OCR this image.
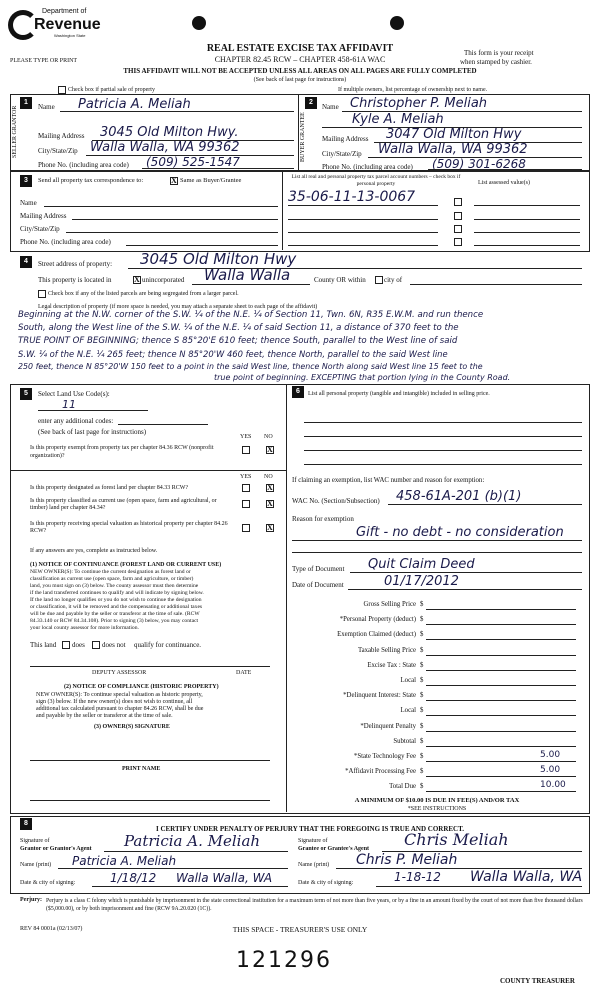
Department of
Revenue
Washington State
PLEASE TYPE OR PRINT
REAL ESTATE EXCISE TAX AFFIDAVIT
CHAPTER 82.45 RCW – CHAPTER 458-61A WAC
This form is your receipt
when stamped by cashier.
THIS AFFIDAVIT WILL NOT BE ACCEPTED UNLESS ALL AREAS ON ALL PAGES ARE FULLY COMPLETED
(See back of last page for instructions)
Check box if partial sale of property	If multiple owners, list percentage of ownership next to name.
1
SELLER GRANTOR	Name Patricia A. Meliah
Mailing Address 3045 Old Milton Hwy.
City/State/Zip Walla Walla, WA 99362
Phone No. (including area code) (509) 525-1547
2
BUYER GRANTEE
Name Christopher P. Meliah
Kyle A. Meliah
Mailing Address 3047 Old Milton Hwy
City/State/Zip Walla Walla, WA 99362
Phone No. (including area code) (509) 301-6268
3	Send all property tax correspondence to: X	Same as Buyer/Grantee
Name
Mailing Address
City/State/Zip
Phone No. (including area code)
List all real and personal property tax parcel account numbers – check box if personal property	List assessed value(s)
35-06-11-13-0067
4	Street address of property: 3045 Old Milton Hwy
This property is located in X	unincorporated Walla Walla	County OR within	city of
Check box if any of the listed parcels are being segregated from a larger parcel.
Legal description of property (if more space is needed, you may attach a separate sheet to each page of the affidavit)
Beginning at the N.W. corner of the S.W. ¼ of the N.E. ¼ of Section 11, Twn. 6N, R35 E.W.M. and run thence
South, along the West line of the S.W. ¼ of the N.E. ¼ of said Section 11, a distance of 370 feet to the
TRUE POINT OF BEGINNING; thence S 85°20'E 610 feet; thence South, parallel to the West line of said
S.W. ¼ of the N.E. ¼ 265 feet; thence N 85°20'W 460 feet, thence North, parallel to the said West line
250 feet, thence N 85°20'W 150 feet to a point in the said West line, thence North along said West line 15 feet to the
true point of beginning. EXCEPTING that portion lying in the County Road.
5	Select Land Use Code(s):
11
enter any additional codes:
(See back of last page for instructions)
YES NO
Is this property exempt from property tax per chapter 84.36 RCW (nonprofit organization)?
X
YES NO
Is this property designated as forest land per chapter 84.33 RCW?
X
Is this property classified as current use (open space, farm and agricultural, or timber) land per chapter 84.34?
X
Is this property receiving special valuation as historical property per chapter 84.26 RCW?
X
If any answers are yes, complete as instructed below.
(1) NOTICE OF CONTINUANCE (FOREST LAND OR CURRENT USE)
NEW OWNER(S): To continue the current designation as forest land or
classification as current use (open space, farm and agriculture, or timber)
land, you must sign on (3) below. The county assessor must then determine
if the land transferred continues to qualify and will indicate by signing below.
If the land no longer qualifies or you do not wish to continue the designation
or classification, it will be removed and the compensating or additional taxes
will be due and payable by the seller or transferor at the time of sale. (RCW
84.33.140 or RCW 84.34.108). Prior to signing (3) below, you may contact
your local county assessor for more information.
This land does does not qualify for continuance.
DEPUTY ASSESSOR	DATE
(2) NOTICE OF COMPLIANCE (HISTORIC PROPERTY)
NEW OWNER(S): To continue special valuation as historic property,
sign (3) below. If the new owner(s) does not wish to continue, all
additional tax calculated pursuant to chapter 84.26 RCW, shall be due
and payable by the seller or transferor at the time of sale.
(3) OWNER(S) SIGNATURE
PRINT NAME
6	List all personal property (tangible and intangible) included in selling price.
If claiming an exemption, list WAC number and reason for exemption:
WAC No. (Section/Subsection) 458-61A-201 (b)(1)
Reason for exemption
Gift - no debt - no consideration
Type of Document Quit Claim Deed
Date of Document	01/17/2012
Gross Selling Price $
*Personal Property (deduct) $
Exemption Claimed (deduct) $
Taxable Selling Price $
Excise Tax : State $
Local $
*Delinquent Interest: State $
Local $
*Delinquent Penalty $
Subtotal $
*State Technology Fee $	5.00
*Affidavit Processing Fee $	5.00
Total Due $	10.00
A MINIMUM OF $10.00 IS DUE IN FEE(S) AND/OR TAX
*SEE INSTRUCTIONS
8
I CERTIFY UNDER PENALTY OF PERJURY THAT THE FOREGOING IS TRUE AND CORRECT.
Signature of
Grantor or Grantor's Agent Patricia A. Meliah	Signature of
Grantee or Grantee's Agent Chris Meliah
Name (print) Patricia A. Meliah	Name (print) Chris P. Meliah
Date & city of signing:	1/18/12 Walla Walla, WA	Date & city of signing:	1-18-12 Walla Walla, WA
Perjury: Perjury is a class C felony which is punishable by imprisonment in the state correctional institution for a maximum term of not more than five years, or by a fine in an amount fixed by the court of not more than five thousand dollars ($5,000.00), or by both imprisonment and fine (RCW 9A.20.020 (1C)).
REV 84 0001a (02/13/07)	THIS SPACE - TREASURER'S USE ONLY
121296
COUNTY TREASURER
